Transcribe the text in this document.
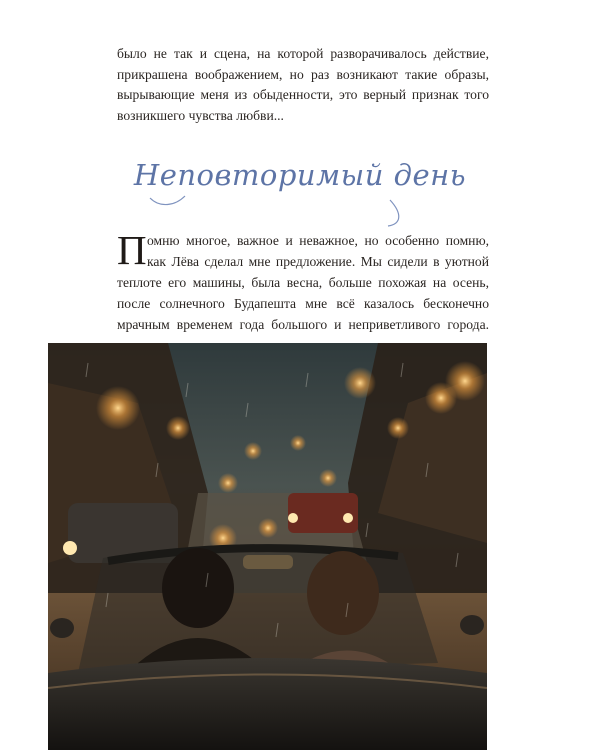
было не так и сцена, на которой разворачивалось действие,
прикрашена воображением, но раз возникают такие образы,
вырывающие меня из обыденности, это верный признак того
возникшего чувства любви...
Неповторимый день
П омню многое, важное и неважное, но особенно помню,
как Лёва сделал мне предложение. Мы сидели в уютной
теплоте его машины, была весна, больше похожая на осень,
после солнечного Будапешта мне всё казалось бесконечно
мрачным временем года большого и неприветливого города.
